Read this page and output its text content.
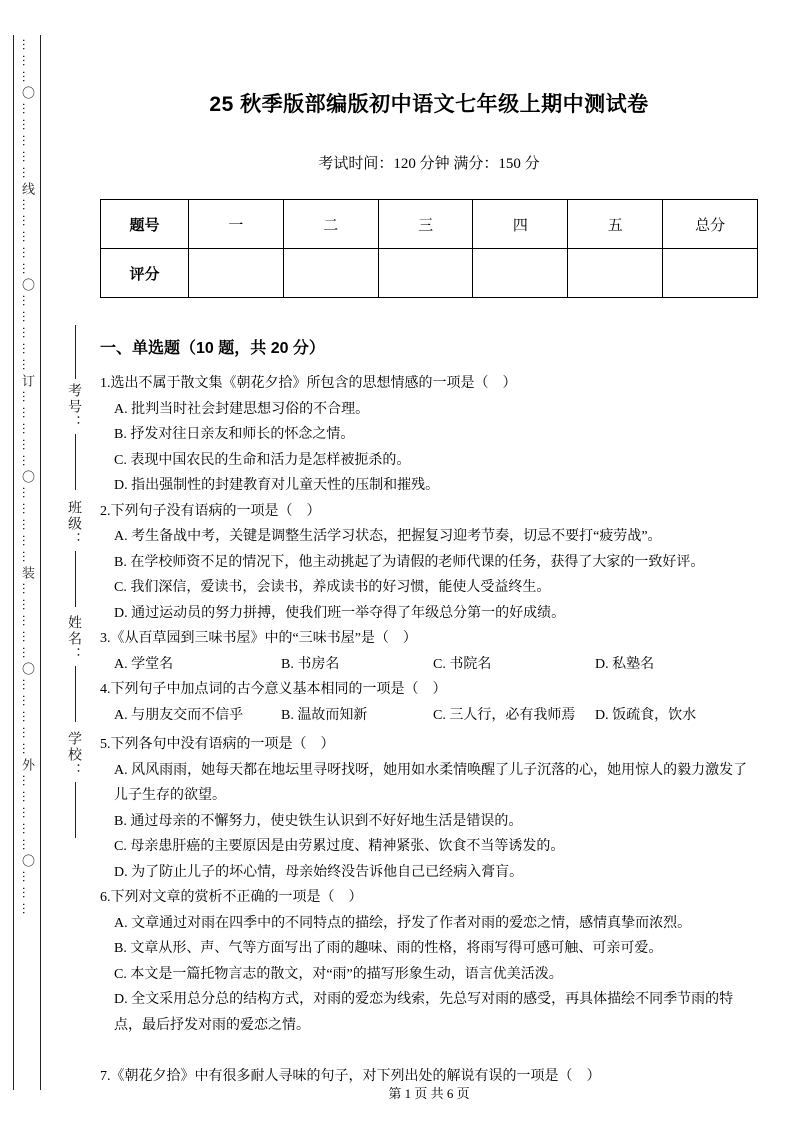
………〇……………线……………〇……………订……………〇……………装……………〇……………外……………〇……… 考号：
班级：
姓名：
学校：
25 秋季版部编版初中语文七年级上期中测试卷

考试时间：120 分钟 满分：150 分

题号	一	二	三	四	五	总分
评分						
一、单选题（10 题，共 20 分）

1.选出不属于散文集《朝花夕拾》所包含的思想情感的一项是（　）

A. 批判当时社会封建思想习俗的不合理。

B. 抒发对往日亲友和师长的怀念之情。

C. 表现中国农民的生命和活力是怎样被扼杀的。

D. 指出强制性的封建教育对儿童天性的压制和摧残。

2.下列句子没有语病的一项是（　）

A. 考生备战中考，关键是调整生活学习状态，把握复习迎考节奏，切忌不要打“疲劳战”。

B. 在学校师资不足的情况下，他主动挑起了为请假的老师代课的任务，获得了大家的一致好评。

C. 我们深信，爱读书，会读书，养成读书的好习惯，能使人受益终生。

D. 通过运动员的努力拼搏，使我们班一举夺得了年级总分第一的好成绩。

3.《从百草园到三味书屋》中的“三味书屋”是（　）

A. 学堂名	B. 书房名	C. 书院名	D. 私塾名

4.下列句子中加点词的古今意义基本相同的一项是（　）

A. 与朋友交而不信乎	B. 温故而知新	C. 三人行，必有我师焉	D. 饭疏食，饮水

5.下列各句中没有语病的一项是（　）

A. 风风雨雨，她每天都在地坛里寻呀找呀，她用如水柔情唤醒了儿子沉落的心，她用惊人的毅力激发了儿子生存的欲望。

B. 通过母亲的不懈努力，使史铁生认识到不好好地生活是错误的。

C. 母亲患肝癌的主要原因是由劳累过度、精神紧张、饮食不当等诱发的。

D. 为了防止儿子的坏心情，母亲始终没告诉他自己已经病入膏肓。

6.下列对文章的赏析不正确的一项是（　）

A. 文章通过对雨在四季中的不同特点的描绘，抒发了作者对雨的爱恋之情，感情真挚而浓烈。

B. 文章从形、声、气等方面写出了雨的趣味、雨的性格，将雨写得可感可触、可亲可爱。

C. 本文是一篇托物言志的散文，对“雨”的描写形象生动，语言优美活泼。

D. 全文采用总分总的结构方式，对雨的爱恋为线索，先总写对雨的感受，再具体描绘不同季节雨的特点，最后抒发对雨的爱恋之情。

7.《朝花夕拾》中有很多耐人寻味的句子，对下列出处的解说有误的一项是（　）

第 1 页 共 6 页
